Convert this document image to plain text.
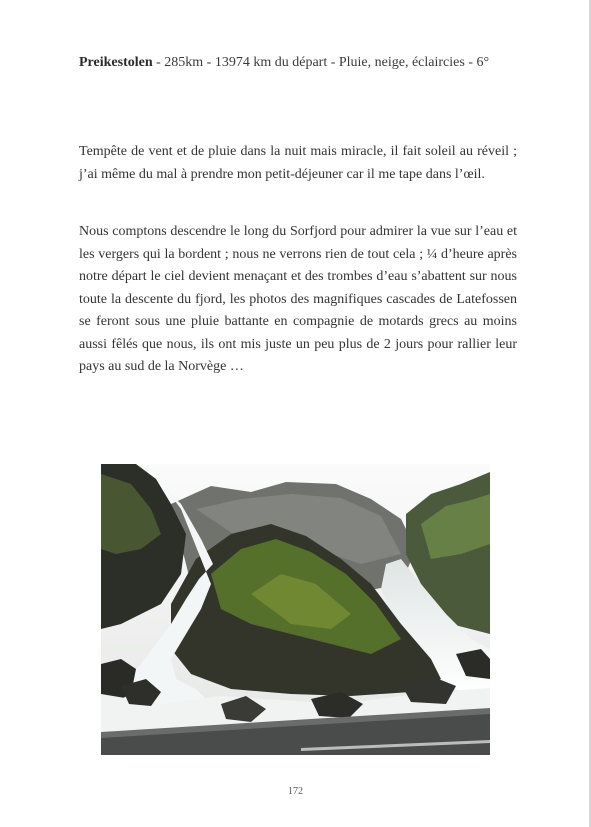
Preikestolen - 285km - 13974 km du départ - Pluie, neige, éclaircies - 6°

Tempête de vent et de pluie dans la nuit mais miracle, il fait soleil au réveil ; j’ai même du mal à prendre mon petit-déjeuner car il me tape dans l’œil.

Nous comptons descendre le long du Sorfjord pour admirer la vue sur l’eau et les vergers qui la bordent ; nous ne verrons rien de tout cela ; ¼ d’heure après notre départ le ciel devient menaçant et des trombes d’eau s’abattent sur nous toute la descente du fjord, les photos des magnifiques cascades de Latefossen se feront sous une pluie battante en compagnie de motards grecs au moins aussi fêlés que nous, ils ont mis juste un peu plus de 2 jours pour rallier leur pays au sud de la Norvège …

172
